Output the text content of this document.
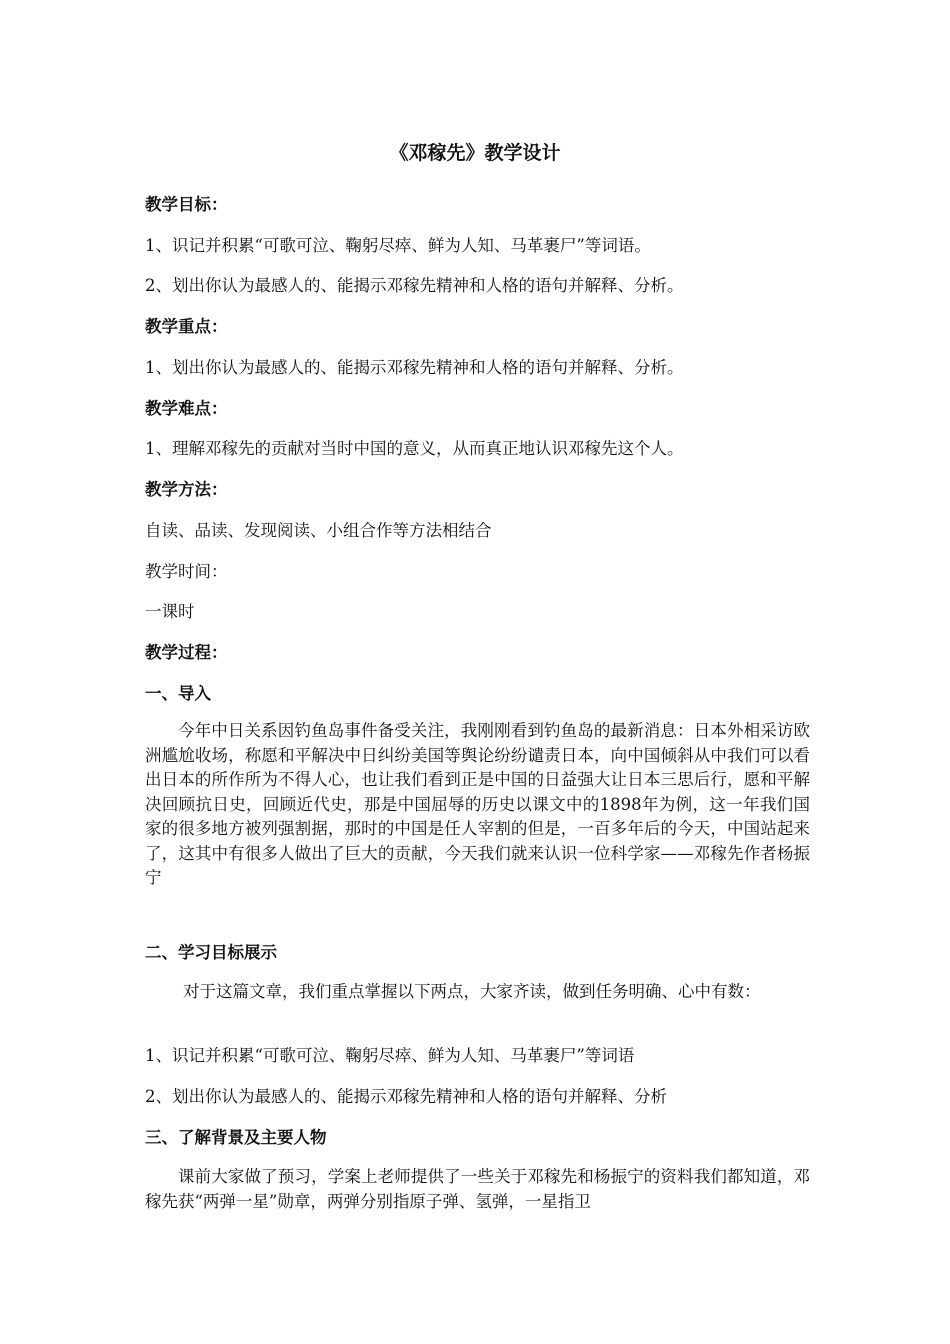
《邓稼先》教学设计
教学目标：
1、识记并积累“可歌可泣、鞠躬尽瘁、鲜为人知、马革裹尸”等词语。
2、划出你认为最感人的、能揭示邓稼先精神和人格的语句并解释、分析。
教学重点：
1、划出你认为最感人的、能揭示邓稼先精神和人格的语句并解释、分析。
教学难点：
1、理解邓稼先的贡献对当时中国的意义，从而真正地认识邓稼先这个人。
教学方法：
自读、品读、发现阅读、小组合作等方法相结合
教学时间：
一课时
教学过程：
一、导入
今年中日关系因钓鱼岛事件备受关注，我刚刚看到钓鱼岛的最新消息：日本外相采访欧洲尴尬收场，称愿和平解决中日纠纷美国等舆论纷纷谴责日本，向中国倾斜从中我们可以看出日本的所作所为不得人心，也让我们看到正是中国的日益强大让日本三思后行，愿和平解决回顾抗日史，回顾近代史，那是中国屈辱的历史以课文中的1898年为例，这一年我们国家的很多地方被列强割据，那时的中国是任人宰割的但是，一百多年后的今天，中国站起来了，这其中有很多人做出了巨大的贡献，今天我们就来认识一位科学家——邓稼先作者杨振宁
二、学习目标展示
对于这篇文章，我们重点掌握以下两点，大家齐读，做到任务明确、心中有数：
1、识记并积累“可歌可泣、鞠躬尽瘁、鲜为人知、马革裹尸”等词语
2、划出你认为最感人的、能揭示邓稼先精神和人格的语句并解释、分析
三、了解背景及主要人物
课前大家做了预习，学案上老师提供了一些关于邓稼先和杨振宁的资料我们都知道，邓稼先获“两弹一星”勋章，两弹分别指原子弹、氢弹，一星指卫
